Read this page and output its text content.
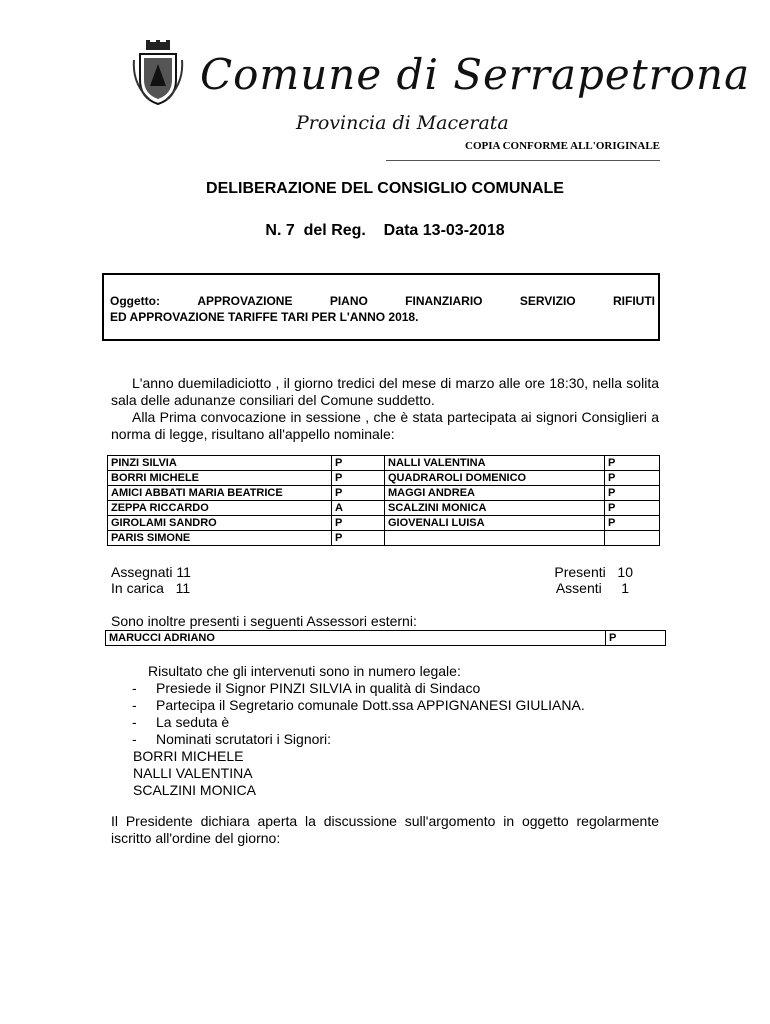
Comune di Serrapetrona
Provincia di Macerata
COPIA CONFORME ALL'ORIGINALE
DELIBERAZIONE DEL CONSIGLIO COMUNALE
N. 7  del Reg.    Data 13-03-2018
Oggetto:	APPROVAZIONE	PIANO	FINANZIARIO	SERVIZIO	RIFIUTI
ED APPROVAZIONE TARIFFE TARI PER L'ANNO 2018.
L'anno duemiladiciotto , il giorno tredici del mese di marzo alle ore 18:30, nella solita sala delle adunanze consiliari del Comune suddetto.
Alla Prima convocazione in sessione , che è stata partecipata ai signori Consiglieri a norma di legge, risultano all'appello nominale:
PINZI SILVIA	P	NALLI VALENTINA	P
BORRI MICHELE	P	QUADRAROLI DOMENICO	P
AMICI ABBATI MARIA BEATRICE	P	MAGGI ANDREA	P
ZEPPA RICCARDO	A	SCALZINI MONICA	P
GIROLAMI SANDRO	P	GIOVENALI LUISA	P
PARIS SIMONE	P		
Assegnati 11
In carica 11
Presenti 10
Assenti 1
Sono inoltre presenti i seguenti Assessori esterni:
MARUCCI ADRIANO	P
Risultato che gli intervenuti sono in numero legale:
- Presiede il Signor PINZI SILVIA in qualità di Sindaco
- Partecipa il Segretario comunale Dott.ssa APPIGNANESI GIULIANA.
- La seduta è
- Nominati scrutatori i Signori:
BORRI MICHELE
NALLI VALENTINA
SCALZINI MONICA
Il Presidente dichiara aperta la discussione sull'argomento in oggetto regolarmente iscritto all'ordine del giorno:
